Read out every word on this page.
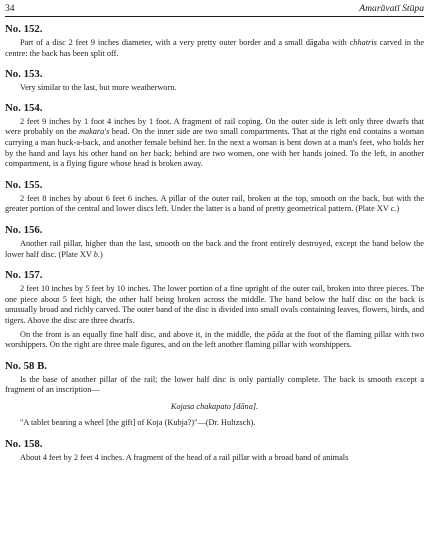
34	Amarāvatī Stūpa

No. 152.

Part of a disc 2 feet 9 inches diameter, with a very pretty outer border and a small dāgaba with chhatris carved in the centre: the back has been split off.

No. 153.

Very similar to the last, but more weatherworn.

No. 154.

2 feet 9 inches by 1 foot 4 inches by 1 foot. A fragment of rail coping. On the outer side is left only three dwarfs that were probably on the makara's head. On the inner side are two small compartments. That at the right end contains a woman carrying a man huck-a-back, and another female behind her. In the next a woman is bent down at a man's feet, who holds her by the hand and lays his other hand on her back; behind are two women, one with her hands joined. To the left, in another compartment, is a flying figure whose head is broken away.

No. 155.

2 feet 8 inches by about 6 feet 6 inches. A pillar of the outer rail, broken at the top, smooth on the back, but with the greater portion of the central and lower discs left. Under the latter is a band of pretty geometrical pattern. (Plate XV c.)

No. 156.

Another rail pillar, higher than the last, smooth on the back and the front entirely destroyed, except the band below the lower half disc. (Plate XV b.)

No. 157.

2 feet 10 inches by 5 feet by 10 inches. The lower portion of a fine upright of the outer rail, broken into three pieces. The one piece about 5 feet high, the other half being broken across the middle. The band below the half disc on the back is unusually broad and richly carved. The outer band of the disc is divided into small ovals containing leaves, flowers, birds, and tigers. Above the disc are three dwarfs.

On the front is an equally fine half disc, and above it, in the middle, the pāda at the foot of the flaming pillar with two worshippers. On the right are three male figures, and on the left another flaming pillar with worshippers.

No. 58 B.

Is the base of another pillar of the rail; the lower half disc is only partially complete. The back is smooth except a fragment of an inscription—

Kojasa chakapato [dāna].

"A tablet bearing a wheel [the gift] of Koja (Kubja?)"—(Dr. Hultzsch).

No. 158.

About 4 feet by 2 feet 4 inches. A fragment of the head of a rail pillar with a broad band of animals
